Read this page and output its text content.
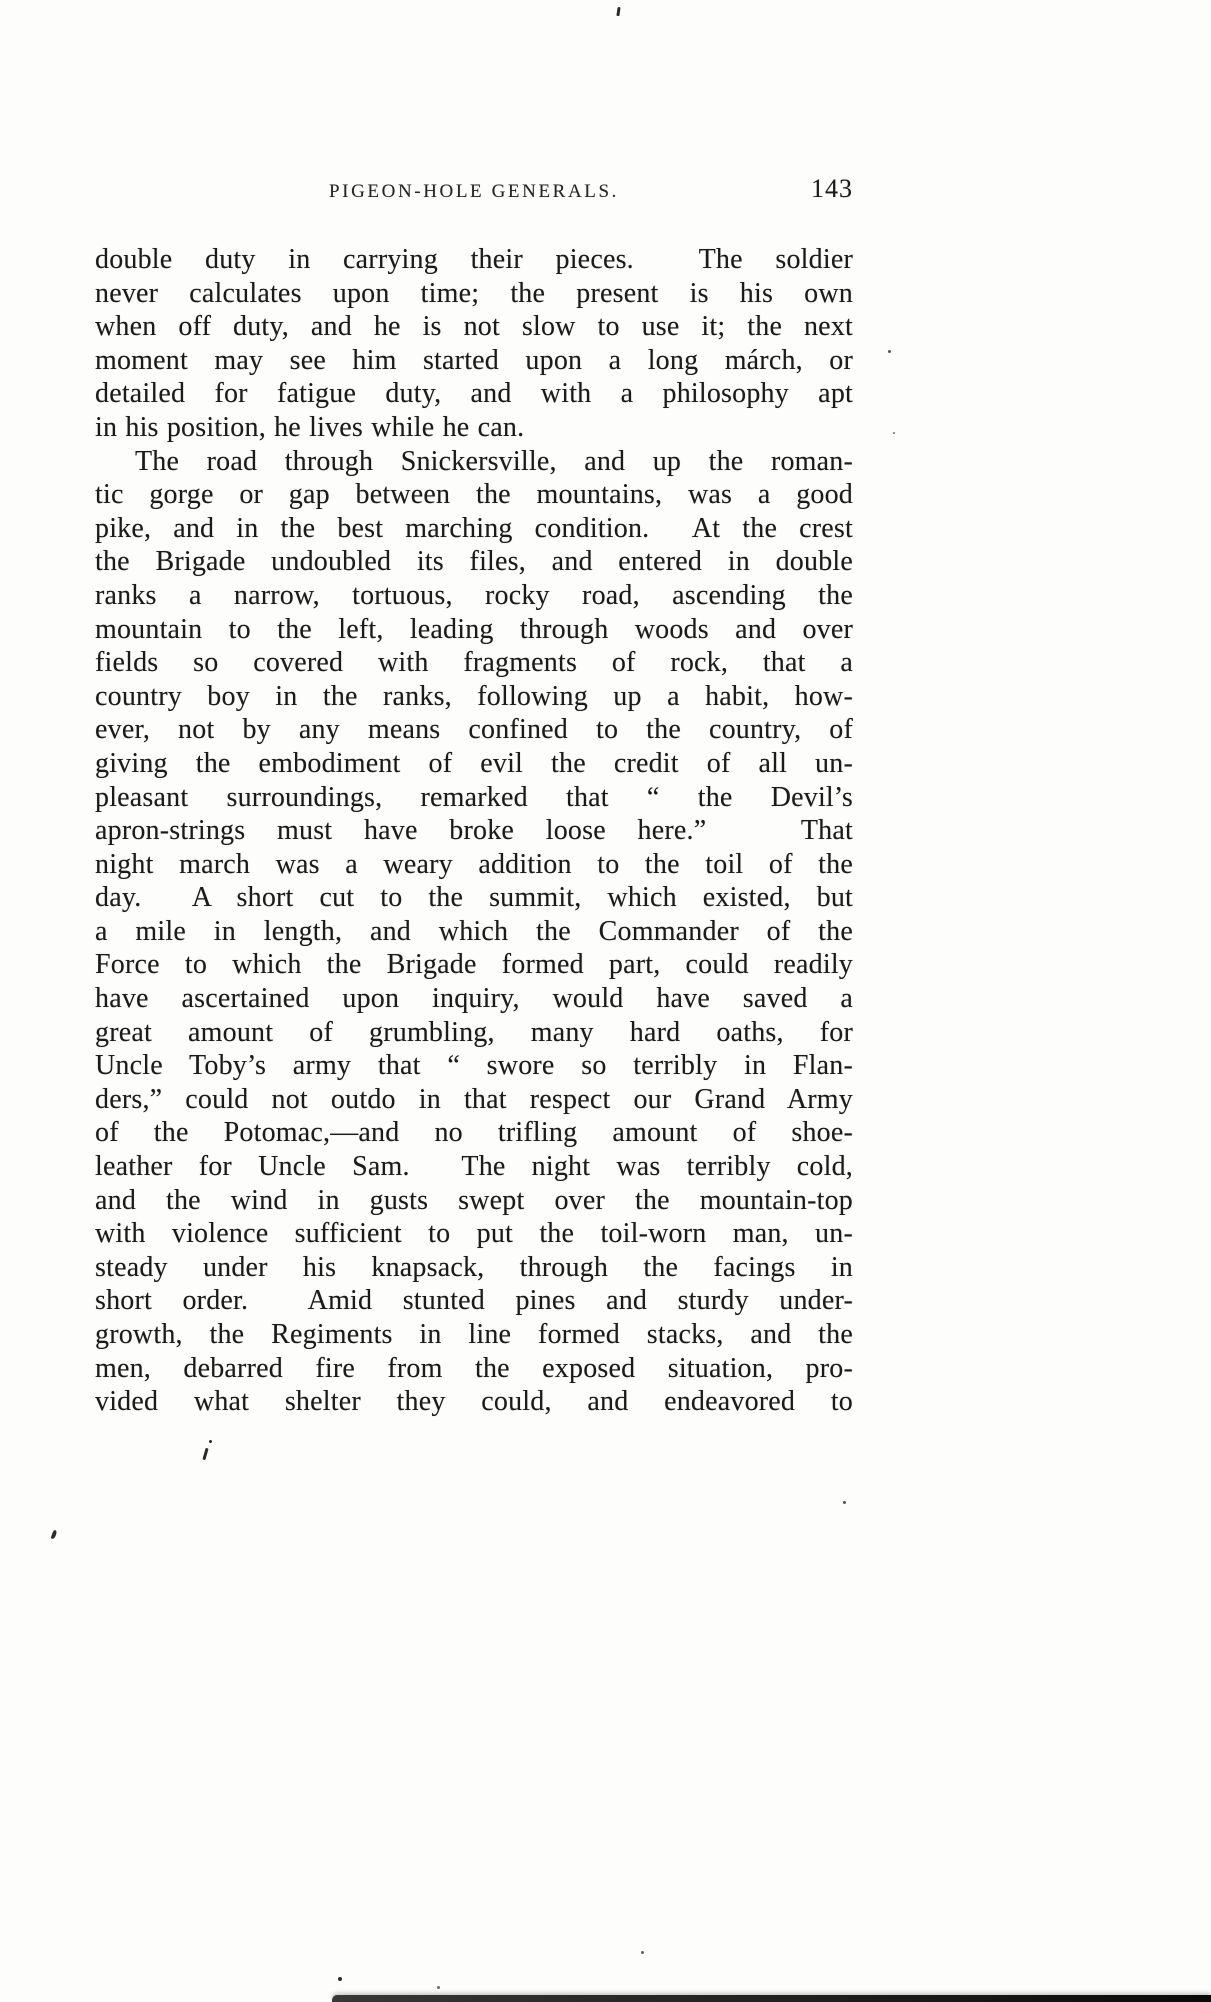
PIGEON-HOLE GENERALS.	143
double duty in carrying their pieces.  The soldier
never calculates upon time; the present is his own
when off duty, and he is not slow to use it; the next
moment may see him started upon a long márch, or
detailed for fatigue duty, and with a philosophy apt
in his position, he lives while he can.
The road through Snickersville, and up the roman-
tic gorge or gap between the mountains, was a good
pike, and in the best marching condition.  At the crest
the Brigade undoubled its files, and entered in double
ranks a narrow, tortuous, rocky road, ascending the
mountain to the left, leading through woods and over
fields so covered with fragments of rock, that a
country boy in the ranks, following up a habit, how-
ever, not by any means confined to the country, of
giving the embodiment of evil the credit of all un-
pleasant surroundings, remarked that “ the Devil’s
apron-strings must have broke loose here.”   That
night march was a weary addition to the toil of the
day.  A short cut to the summit, which existed, but
a mile in length, and which the Commander of the
Force to which the Brigade formed part, could readily
have ascertained upon inquiry, would have saved a
great amount of grumbling, many hard oaths, for
Uncle Toby’s army that “ swore so terribly in Flan-
ders,” could not outdo in that respect our Grand Army
of the Potomac,—and no trifling amount of shoe-
leather for Uncle Sam.  The night was terribly cold,
and the wind in gusts swept over the mountain-top
with violence sufficient to put the toil-worn man, un-
steady under his knapsack, through the facings in
short order.  Amid stunted pines and sturdy under-
growth, the Regiments in line formed stacks, and the
men, debarred fire from the exposed situation, pro-
vided what shelter they could, and endeavored to
